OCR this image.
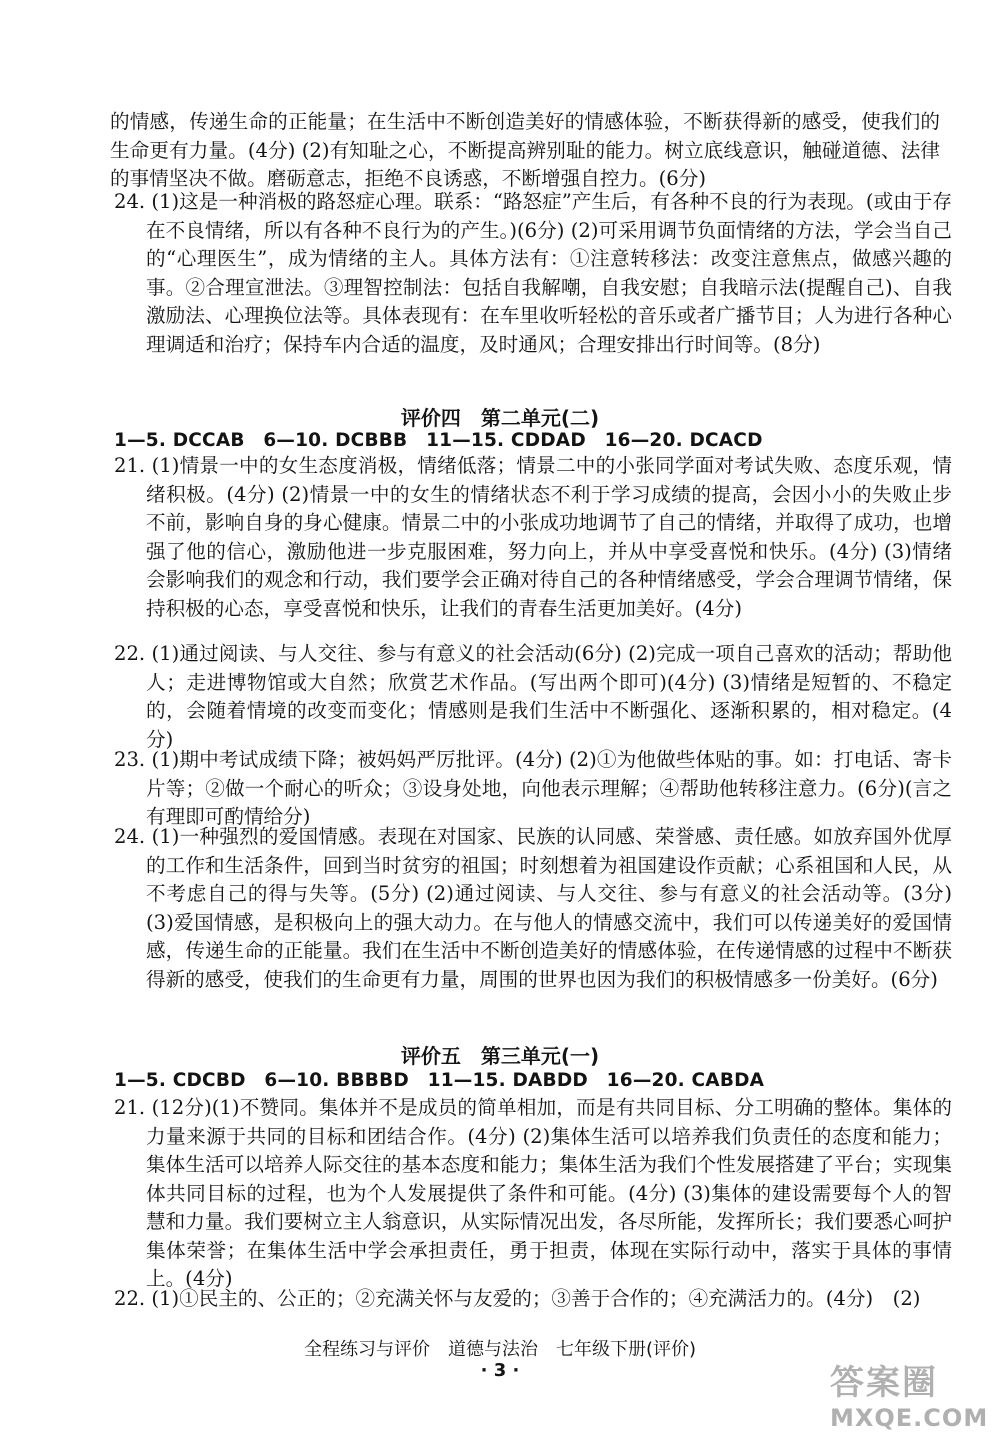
的情感，传递生命的正能量；在生活中不断创造美好的情感体验，不断获得新的感受，使我们的生命更有力量。(4分) (2)有知耻之心，不断提高辨别耻的能力。树立底线意识，触碰道德、法律的事情坚决不做。磨砺意志，拒绝不良诱惑，不断增强自控力。(6分)
24. (1)这是一种消极的路怒症心理。联系：“路怒症”产生后，有各种不良的行为表现。(或由于存在不良情绪，所以有各种不良行为的产生。)(6分) (2)可采用调节负面情绪的方法，学会当自己的“心理医生”，成为情绪的主人。具体方法有：①注意转移法：改变注意焦点，做感兴趣的事。②合理宣泄法。③理智控制法：包括自我解嘲，自我安慰；自我暗示法(提醒自己)、自我激励法、心理换位法等。具体表现有：在车里收听轻松的音乐或者广播节目；人为进行各种心理调适和治疗；保持车内合适的温度，及时通风；合理安排出行时间等。(8分)
评价四　第二单元(二)
1—5. DCCAB　6—10. DCBBB　11—15. CDDAD　16—20. DCACD
21. (1)情景一中的女生态度消极，情绪低落；情景二中的小张同学面对考试失败、态度乐观，情绪积极。(4分) (2)情景一中的女生的情绪状态不利于学习成绩的提高，会因小小的失败止步不前，影响自身的身心健康。情景二中的小张成功地调节了自己的情绪，并取得了成功，也增强了他的信心，激励他进一步克服困难，努力向上，并从中享受喜悦和快乐。(4分) (3)情绪会影响我们的观念和行动，我们要学会正确对待自己的各种情绪感受，学会合理调节情绪，保持积极的心态，享受喜悦和快乐，让我们的青春生活更加美好。(4分)
22. (1)通过阅读、与人交往、参与有意义的社会活动(6分) (2)完成一项自己喜欢的活动；帮助他人；走进博物馆或大自然；欣赏艺术作品。(写出两个即可)(4分) (3)情绪是短暂的、不稳定的，会随着情境的改变而变化；情感则是我们生活中不断强化、逐渐积累的，相对稳定。(4分)
23. (1)期中考试成绩下降；被妈妈严厉批评。(4分) (2)①为他做些体贴的事。如：打电话、寄卡片等；②做一个耐心的听众；③设身处地，向他表示理解；④帮助他转移注意力。(6分)(言之有理即可酌情给分)
24. (1)一种强烈的爱国情感。表现在对国家、民族的认同感、荣誉感、责任感。如放弃国外优厚的工作和生活条件，回到当时贫穷的祖国；时刻想着为祖国建设作贡献；心系祖国和人民，从不考虑自己的得与失等。(5分) (2)通过阅读、与人交往、参与有意义的社会活动等。(3分) (3)爱国情感，是积极向上的强大动力。在与他人的情感交流中，我们可以传递美好的爱国情感，传递生命的正能量。我们在生活中不断创造美好的情感体验，在传递情感的过程中不断获得新的感受，使我们的生命更有力量，周围的世界也因为我们的积极情感多一份美好。(6分)
评价五　第三单元(一)
1—5. CDCBD　6—10. BBBBD　11—15. DABDD　16—20. CABDA
21. (12分)(1)不赞同。集体并不是成员的简单相加，而是有共同目标、分工明确的整体。集体的力量来源于共同的目标和团结合作。(4分) (2)集体生活可以培养我们负责任的态度和能力；集体生活可以培养人际交往的基本态度和能力；集体生活为我们个性发展搭建了平台；实现集体共同目标的过程，也为个人发展提供了条件和可能。(4分) (3)集体的建设需要每个人的智慧和力量。我们要树立主人翁意识，从实际情况出发，各尽所能，发挥所长；我们要悉心呵护集体荣誉；在集体生活中学会承担责任，勇于担责，体现在实际行动中，落实于具体的事情上。(4分)
22. (1)①民主的、公正的；②充满关怀与友爱的；③善于合作的；④充满活力的。(4分)　(2)
全程练习与评价　道德与法治　七年级下册(评价)
· 3 ·	答案圈
MXQE.COM
